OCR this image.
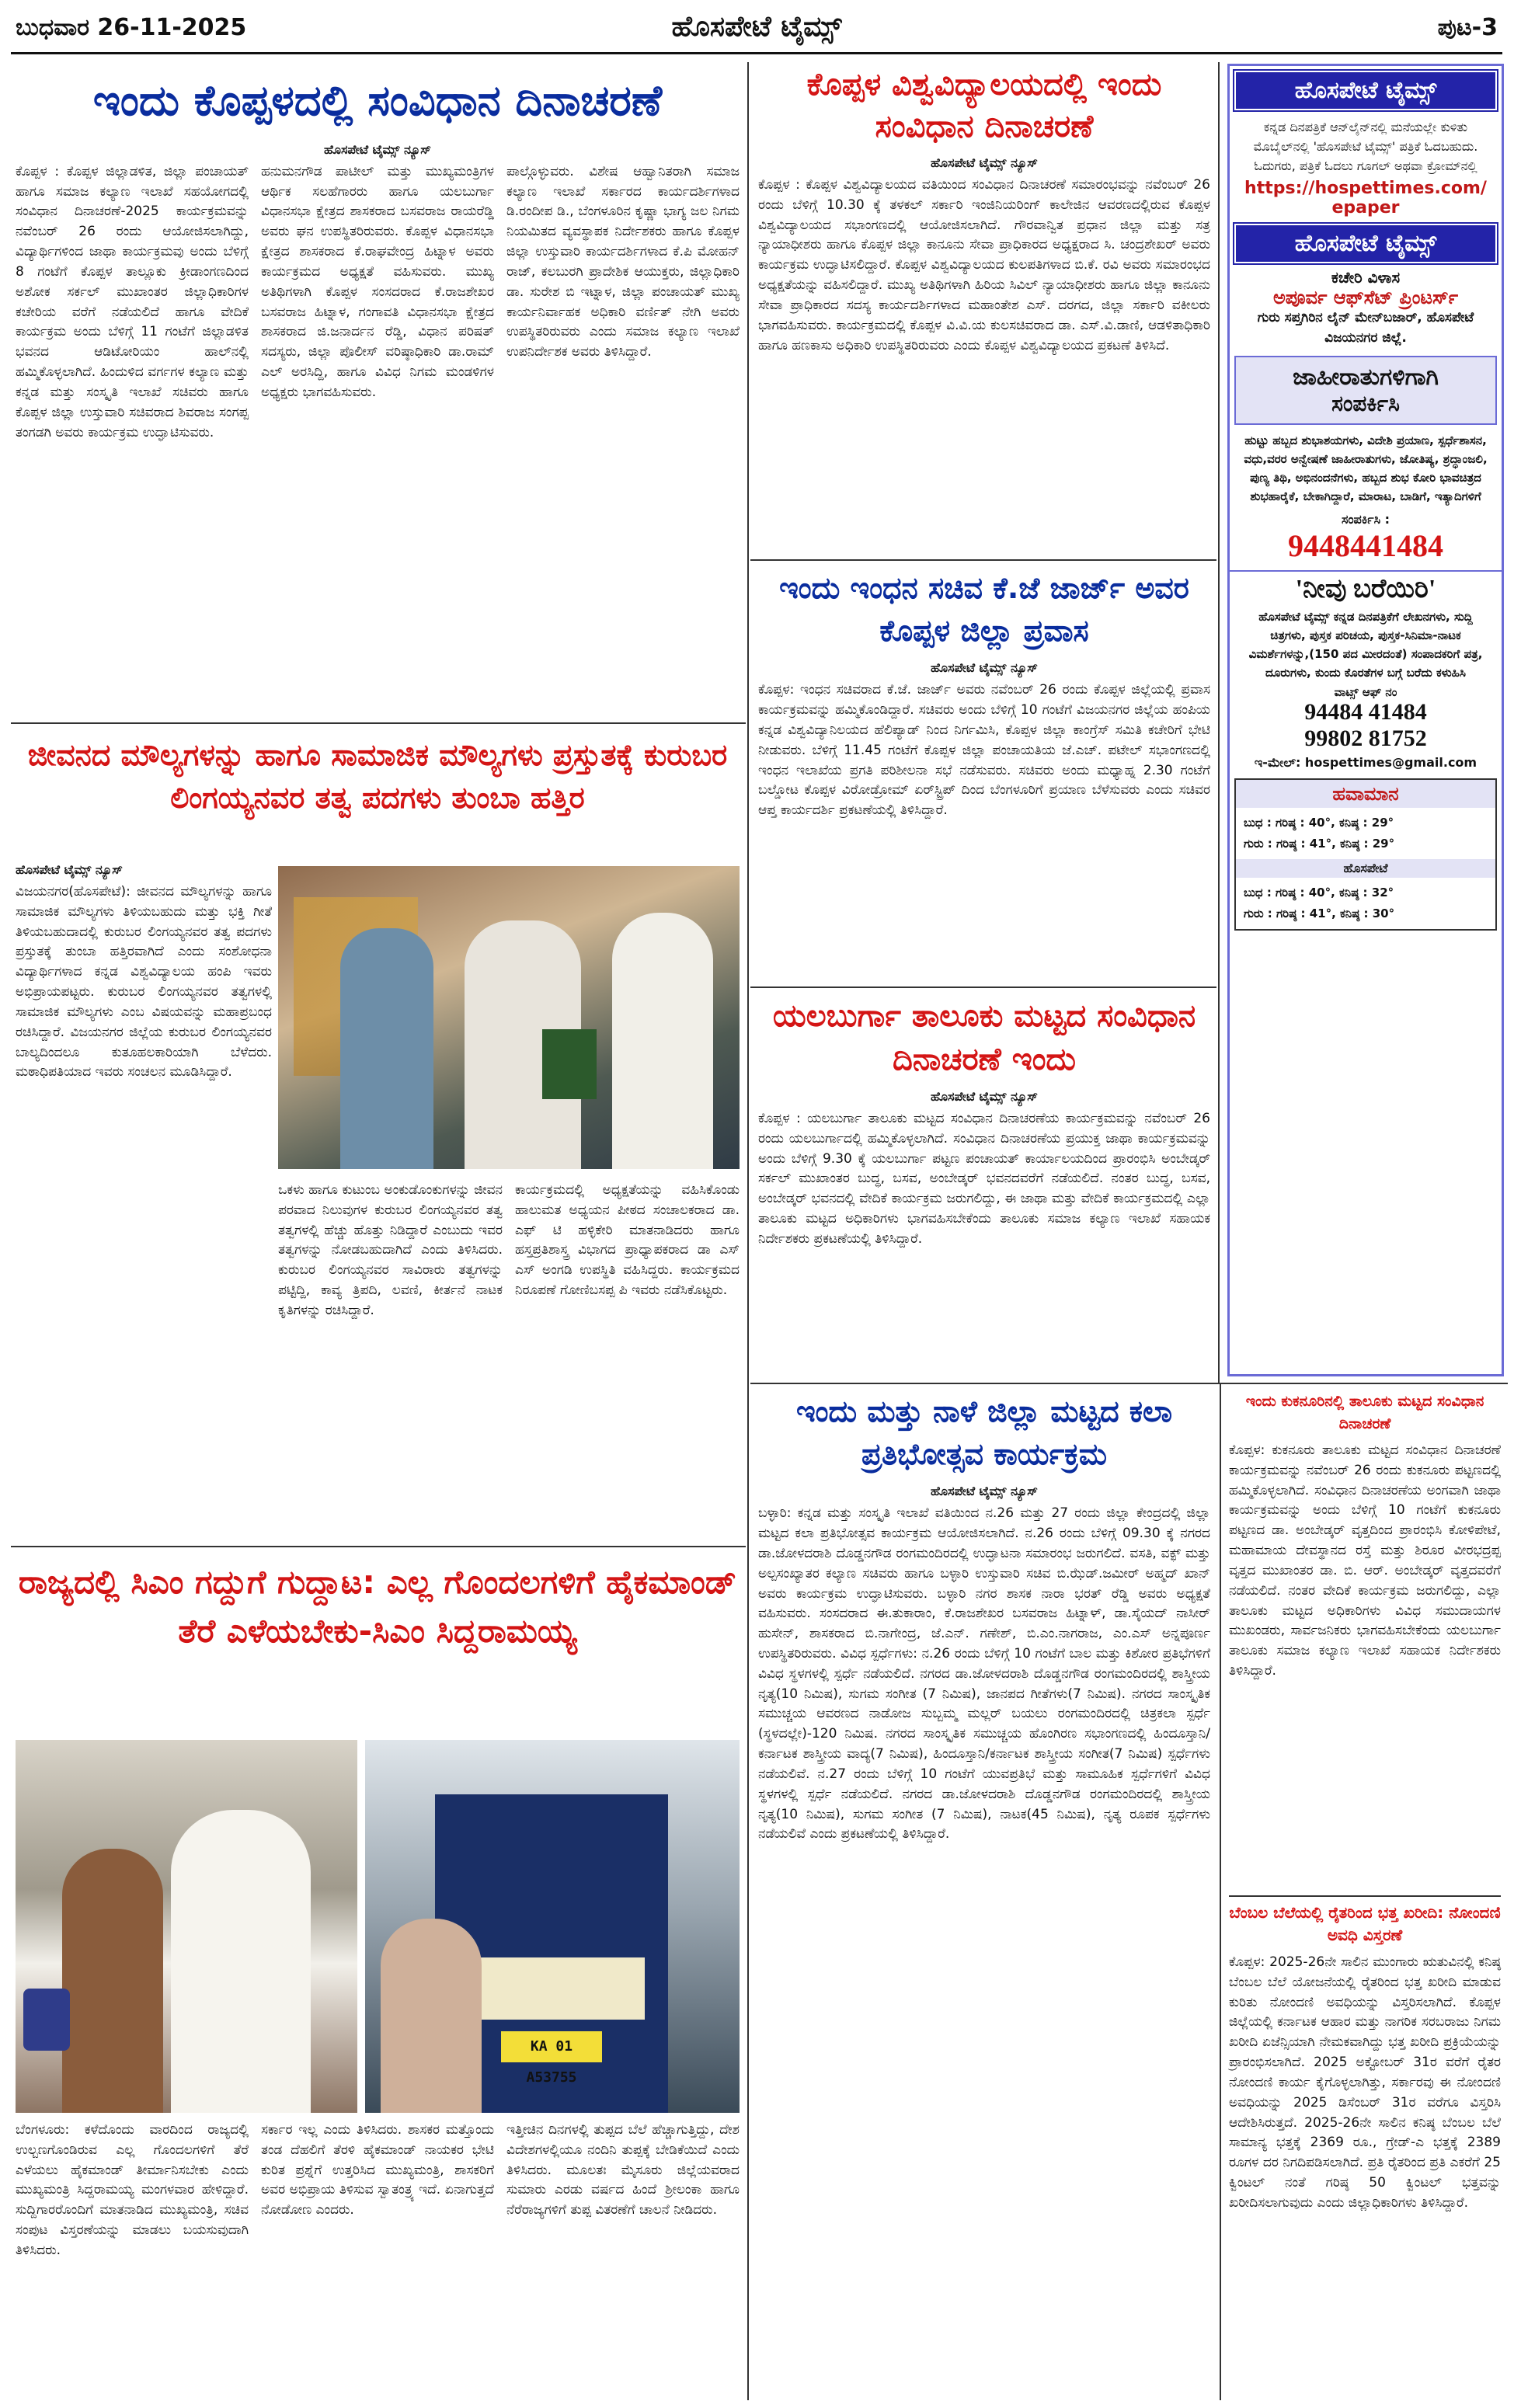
ಬುಧವಾರ 26-11-2025	ಹೊಸಪೇಟೆ ಟೈಮ್ಸ್	ಪುಟ-3
ಇಂದು ಕೊಪ್ಪಳದಲ್ಲಿ ಸಂವಿಧಾನ ದಿನಾಚರಣೆ
ಹೊಸಪೇಟೆ ಟೈಮ್ಸ್ ನ್ಯೂಸ್
ಕೊಪ್ಪಳ : ಕೊಪ್ಪಳ ಜಿಲ್ಲಾಡಳಿತ, ಜಿಲ್ಲಾ ಪಂಚಾಯತ್ ಹಾಗೂ ಸಮಾಜ ಕಲ್ಯಾಣ ಇಲಾಖೆ ಸಹಯೋಗದಲ್ಲಿ ಸಂವಿಧಾನ ದಿನಾಚರಣೆ-2025 ಕಾರ್ಯಕ್ರಮವನ್ನು ನವೆಂಬರ್ 26 ರಂದು ಆಯೋಜಿಸಲಾಗಿದ್ದು, ವಿದ್ಯಾರ್ಥಿಗಳಿಂದ ಜಾಥಾ ಕಾರ್ಯಕ್ರಮವು ಅಂದು ಬೆಳಿಗ್ಗೆ 8 ಗಂಟೆಗೆ ಕೊಪ್ಪಳ ತಾಲ್ಲೂಕು ಕ್ರೀಡಾಂಗಣದಿಂದ ಅಶೋಕ ಸರ್ಕಲ್ ಮುಖಾಂತರ ಜಿಲ್ಲಾಧಿಕಾರಿಗಳ ಕಚೇರಿಯ ವರೆಗೆ ನಡೆಯಲಿದೆ ಹಾಗೂ ವೇದಿಕೆ ಕಾರ್ಯಕ್ರಮ ಅಂದು ಬೆಳಿಗ್ಗೆ 11 ಗಂಟೆಗೆ ಜಿಲ್ಲಾಡಳಿತ ಭವನದ ಆಡಿಟೋರಿಯಂ ಹಾಲ್‌ನಲ್ಲಿ ಹಮ್ಮಿಕೊಳ್ಳಲಾಗಿದೆ. ಹಿಂದುಳಿದ ವರ್ಗಗಳ ಕಲ್ಯಾಣ ಮತ್ತು ಕನ್ನಡ ಮತ್ತು ಸಂಸ್ಕೃತಿ ಇಲಾಖೆ ಸಚಿವರು ಹಾಗೂ ಕೊಪ್ಪಳ ಜಿಲ್ಲಾ ಉಸ್ತುವಾರಿ ಸಚಿವರಾದ ಶಿವರಾಜ ಸಂಗಪ್ಪ ತಂಗಡಗಿ ಅವರು ಕಾರ್ಯಕ್ರಮ ಉದ್ಘಾಟಿಸುವರು.
ಹನುಮನಗೌಡ ಪಾಟೀಲ್ ಮತ್ತು ಮುಖ್ಯಮಂತ್ರಿಗಳ ಆರ್ಥಿಕ ಸಲಹೆಗಾರರು ಹಾಗೂ ಯಲಬುರ್ಗಾ ವಿಧಾನಸಭಾ ಕ್ಷೇತ್ರದ ಶಾಸಕರಾದ ಬಸವರಾಜ ರಾಯರೆಡ್ಡಿ ಅವರು ಘನ ಉಪಸ್ಥಿತರಿರುವರು. ಕೊಪ್ಪಳ ವಿಧಾನಸಭಾ ಕ್ಷೇತ್ರದ ಶಾಸಕರಾದ ಕೆ.ರಾಘವೇಂದ್ರ ಹಿಟ್ನಾಳ ಅವರು ಕಾರ್ಯಕ್ರಮದ ಅಧ್ಯಕ್ಷತೆ ವಹಿಸುವರು. ಮುಖ್ಯ ಅತಿಥಿಗಳಾಗಿ ಕೊಪ್ಪಳ ಸಂಸದರಾದ ಕೆ.ರಾಜಶೇಖರ ಬಸವರಾಜ ಹಿಟ್ನಾಳ, ಗಂಗಾವತಿ ವಿಧಾನಸಭಾ ಕ್ಷೇತ್ರದ ಶಾಸಕರಾದ ಜಿ.ಜನಾರ್ದನ ರೆಡ್ಡಿ, ವಿಧಾನ ಪರಿಷತ್ ಸದಸ್ಯರು, ಜಿಲ್ಲಾ ಪೊಲೀಸ್ ವರಿಷ್ಠಾಧಿಕಾರಿ ಡಾ.ರಾಮ್ ಎಲ್ ಅರಸಿದ್ದಿ, ಹಾಗೂ ವಿವಿಧ ನಿಗಮ ಮಂಡಳಿಗಳ ಅಧ್ಯಕ್ಷರು ಭಾಗವಹಿಸುವರು.
ಪಾಲ್ಗೊಳ್ಳುವರು. ವಿಶೇಷ ಆಹ್ವಾನಿತರಾಗಿ ಸಮಾಜ ಕಲ್ಯಾಣ ಇಲಾಖೆ ಸರ್ಕಾರದ ಕಾರ್ಯದರ್ಶಿಗಳಾದ ಡಿ.ರಂದೀಪ ಡಿ., ಬೆಂಗಳೂರಿನ ಕೃಷ್ಣಾ ಭಾಗ್ಯ ಜಲ ನಿಗಮ ನಿಯಮಿತದ ವ್ಯವಸ್ಥಾಪಕ ನಿರ್ದೇಶಕರು ಹಾಗೂ ಕೊಪ್ಪಳ ಜಿಲ್ಲಾ ಉಸ್ತುವಾರಿ ಕಾರ್ಯದರ್ಶಿಗಳಾದ ಕೆ.ಪಿ ಮೋಹನ್ ರಾಜ್, ಕಲಬುರಗಿ ಪ್ರಾದೇಶಿಕ ಆಯುಕ್ತರು, ಜಿಲ್ಲಾಧಿಕಾರಿ ಡಾ. ಸುರೇಶ ಬಿ ಇಟ್ನಾಳ, ಜಿಲ್ಲಾ ಪಂಚಾಯತ್ ಮುಖ್ಯ ಕಾರ್ಯನಿರ್ವಾಹಕ ಅಧಿಕಾರಿ ವರ್ಣಿತ್ ನೇಗಿ ಅವರು ಉಪಸ್ಥಿತರಿರುವರು ಎಂದು ಸಮಾಜ ಕಲ್ಯಾಣ ಇಲಾಖೆ ಉಪನಿರ್ದೇಶಕ ಅವರು ತಿಳಿಸಿದ್ದಾರೆ.
ಜೀವನದ ಮೌಲ್ಯಗಳನ್ನು ಹಾಗೂ ಸಾಮಾಜಿಕ ಮೌಲ್ಯಗಳು ಪ್ರಸ್ತುತಕ್ಕೆ ಕುರುಬರ ಲಿಂಗಯ್ಯನವರ ತತ್ವ ಪದಗಳು ತುಂಬಾ ಹತ್ತಿರ
ಹೊಸಪೇಟೆ ಟೈಮ್ಸ್ ನ್ಯೂಸ್
ವಿಜಯನಗರ(ಹೊಸಪೇಟೆ): ಜೀವನದ ಮೌಲ್ಯಗಳನ್ನು ಹಾಗೂ ಸಾಮಾಜಿಕ ಮೌಲ್ಯಗಳು ತಿಳಿಯಬಹುದು ಮತ್ತು ಭಕ್ತಿ ಗೀತೆ ತಿಳಿಯಬಹುದಾದಲ್ಲಿ ಕುರುಬರ ಲಿಂಗಯ್ಯನವರ ತತ್ವ ಪದಗಳು ಪ್ರಸ್ತುತಕ್ಕೆ ತುಂಬಾ ಹತ್ತಿರವಾಗಿದೆ ಎಂದು ಸಂಶೋಧನಾ ವಿದ್ಯಾರ್ಥಿಗಳಾದ ಕನ್ನಡ ವಿಶ್ವವಿದ್ಯಾಲಯ ಹಂಪಿ ಇವರು ಅಭಿಪ್ರಾಯಪಟ್ಟರು. ಕುರುಬರ ಲಿಂಗಯ್ಯನವರ ತತ್ವಗಳಲ್ಲಿ ಸಾಮಾಜಿಕ ಮೌಲ್ಯಗಳು ಎಂಬ ವಿಷಯವನ್ನು ಮಹಾಪ್ರಬಂಧ ರಚಿಸಿದ್ದಾರೆ. ವಿಜಯನಗರ ಜಿಲ್ಲೆಯ ಕುರುಬರ ಲಿಂಗಯ್ಯನವರ ಬಾಲ್ಯದಿಂದಲೂ ಕುತೂಹಲಕಾರಿಯಾಗಿ ಬೆಳೆದರು. ಮಠಾಧಿಪತಿಯಾದ ಇವರು ಸಂಚಲನ ಮೂಡಿಸಿದ್ದಾರೆ.
ಒಕಳು ಹಾಗೂ ಕುಟುಂಬ ಅಂಕುಡೊಂಕುಗಳನ್ನು ಜೀವನ ಪರವಾದ ನಿಲುವುಗಳ ಕುರುಬರ ಲಿಂಗಯ್ಯನವರ ತತ್ವ ತತ್ವಗಳಲ್ಲಿ ಹೆಚ್ಚು ಹೊತ್ತು ನಿಡಿದ್ದಾರೆ ಎಂಬುದು ಇವರ ತತ್ವಗಳನ್ನು ನೋಡಬಹುದಾಗಿದೆ ಎಂದು ತಿಳಿಸಿದರು. ಕುರುಬರ ಲಿಂಗಯ್ಯನವರ ಸಾವಿರಾರು ತತ್ವಗಳನ್ನು ಪಟ್ಟಿದ್ದಿ, ಕಾವ್ಯ ತ್ರಿಪದಿ, ಲವಣಿ, ಕೀರ್ತನೆ ನಾಟಕ ಕೃತಿಗಳನ್ನು ರಚಿಸಿದ್ದಾರೆ.
ಕಾರ್ಯಕ್ರಮದಲ್ಲಿ ಅಧ್ಯಕ್ಷತೆಯನ್ನು ವಹಿಸಿಕೊಂಡು ಹಾಲುಮತ ಅಧ್ಯಯನ ಪೀಠದ ಸಂಚಾಲಕರಾದ ಡಾ. ಎಫ್ ಟಿ ಹಳ್ಳಿಕೇರಿ ಮಾತನಾಡಿದರು ಹಾಗೂ ಹಸ್ತಪ್ರತಿಶಾಸ್ತ್ರ ವಿಭಾಗದ ಪ್ರಾಧ್ಯಾಪಕರಾದ ಡಾ ಎಸ್ ಎಸ್ ಅಂಗಡಿ ಉಪಸ್ಥಿತಿ ವಹಿಸಿದ್ದರು. ಕಾರ್ಯಕ್ರಮದ ನಿರೂಪಣೆ ಗೋಣಿಬಸಪ್ಪ ಪಿ ಇವರು ನಡೆಸಿಕೊಟ್ಟರು.
ರಾಜ್ಯದಲ್ಲಿ ಸಿಎಂ ಗದ್ದುಗೆ ಗುದ್ದಾಟ: ಎಲ್ಲ ಗೊಂದಲಗಳಿಗೆ ಹೈಕಮಾಂಡ್ ತೆರೆ ಎಳೆಯಬೇಕು-ಸಿಎಂ ಸಿದ್ದರಾಮಯ್ಯ
KA 01 A53755
ಬೆಂಗಳೂರು: ಕಳೆದೊಂದು ವಾರದಿಂದ ರಾಜ್ಯದಲ್ಲಿ ಉಲ್ಬಣಗೊಂಡಿರುವ ಎಲ್ಲ ಗೊಂದಲಗಳಿಗೆ ತೆರೆ ಎಳೆಯಲು ಹೈಕಮಾಂಡ್ ತೀರ್ಮಾನಿಸಬೇಕು ಎಂದು ಮುಖ್ಯಮಂತ್ರಿ ಸಿದ್ದರಾಮಯ್ಯ ಮಂಗಳವಾರ ಹೇಳಿದ್ದಾರೆ. ಸುದ್ದಿಗಾರರೊಂದಿಗೆ ಮಾತನಾಡಿದ ಮುಖ್ಯಮಂತ್ರಿ, ಸಚಿವ ಸಂಪುಟ ವಿಸ್ತರಣೆಯನ್ನು ಮಾಡಲು ಬಯಸುವುದಾಗಿ ತಿಳಿಸಿದರು.
ಸರ್ಕಾರ ಇಲ್ಲ ಎಂದು ತಿಳಿಸಿದರು. ಶಾಸಕರ ಮತ್ತೊಂದು ತಂಡ ದೆಹಲಿಗೆ ತೆರಳಿ ಹೈಕಮಾಂಡ್ ನಾಯಕರ ಭೇಟಿ ಕುರಿತ ಪ್ರಶ್ನೆಗೆ ಉತ್ತರಿಸಿದ ಮುಖ್ಯಮಂತ್ರಿ, ಶಾಸಕರಿಗೆ ಅವರ ಅಭಿಪ್ರಾಯ ತಿಳಿಸುವ ಸ್ವಾತಂತ್ರ್ಯ ಇದೆ. ಏನಾಗುತ್ತದೆ ನೋಡೋಣ ಎಂದರು.
ಇತ್ತೀಚಿನ ದಿನಗಳಲ್ಲಿ ತುಪ್ಪದ ಬೆಲೆ ಹೆಚ್ಚಾಗುತ್ತಿದ್ದು, ದೇಶ ವಿದೇಶಗಳಲ್ಲಿಯೂ ನಂದಿನಿ ತುಪ್ಪಕ್ಕೆ ಬೇಡಿಕೆಯಿದೆ ಎಂದು ತಿಳಿಸಿದರು. ಮೂಲತಃ ಮೈಸೂರು ಜಿಲ್ಲೆಯವರಾದ ಸುಮಾರು ಎರಡು ವರ್ಷದ ಹಿಂದೆ ಶ್ರೀಲಂಕಾ ಹಾಗೂ ನೆರೆರಾಜ್ಯಗಳಿಗೆ ತುಪ್ಪ ವಿತರಣೆಗೆ ಚಾಲನೆ ನೀಡಿದರು.
ಕೊಪ್ಪಳ ವಿಶ್ವವಿದ್ಯಾಲಯದಲ್ಲಿ ಇಂದು ಸಂವಿಧಾನ ದಿನಾಚರಣೆ
ಹೊಸಪೇಟೆ ಟೈಮ್ಸ್ ನ್ಯೂಸ್
ಕೊಪ್ಪಳ : ಕೊಪ್ಪಳ ವಿಶ್ವವಿದ್ಯಾಲಯದ ವತಿಯಿಂದ ಸಂವಿಧಾನ ದಿನಾಚರಣೆ ಸಮಾರಂಭವನ್ನು ನವೆಂಬರ್ 26 ರಂದು ಬೆಳಿಗ್ಗೆ 10.30 ಕ್ಕೆ ತಳಕಲ್ ಸರ್ಕಾರಿ ಇಂಜಿನಿಯರಿಂಗ್ ಕಾಲೇಜಿನ ಆವರಣದಲ್ಲಿರುವ ಕೊಪ್ಪಳ ವಿಶ್ವವಿದ್ಯಾಲಯದ ಸಭಾಂಗಣದಲ್ಲಿ ಆಯೋಜಿಸಲಾಗಿದೆ. ಗೌರವಾನ್ವಿತ ಪ್ರಧಾನ ಜಿಲ್ಲಾ ಮತ್ತು ಸತ್ರ ನ್ಯಾಯಾಧೀಶರು ಹಾಗೂ ಕೊಪ್ಪಳ ಜಿಲ್ಲಾ ಕಾನೂನು ಸೇವಾ ಪ್ರಾಧಿಕಾರದ ಅಧ್ಯಕ್ಷರಾದ ಸಿ. ಚಂದ್ರಶೇಖರ್ ಅವರು ಕಾರ್ಯಕ್ರಮ ಉದ್ಘಾಟಿಸಲಿದ್ದಾರೆ. ಕೊಪ್ಪಳ ವಿಶ್ವವಿದ್ಯಾಲಯದ ಕುಲಪತಿಗಳಾದ ಬಿ.ಕೆ. ರವಿ ಅವರು ಸಮಾರಂಭದ ಅಧ್ಯಕ್ಷತೆಯನ್ನು ವಹಿಸಲಿದ್ದಾರೆ. ಮುಖ್ಯ ಅತಿಥಿಗಳಾಗಿ ಹಿರಿಯ ಸಿವಿಲ್ ನ್ಯಾಯಾಧೀಶರು ಹಾಗೂ ಜಿಲ್ಲಾ ಕಾನೂನು ಸೇವಾ ಪ್ರಾಧಿಕಾರದ ಸದಸ್ಯ ಕಾರ್ಯದರ್ಶಿಗಳಾದ ಮಹಾಂತೇಶ ಎಸ್. ದರಗದ, ಜಿಲ್ಲಾ ಸರ್ಕಾರಿ ವಕೀಲರು ಭಾಗವಹಿಸುವರು. ಕಾರ್ಯಕ್ರಮದಲ್ಲಿ ಕೊಪ್ಪಳ ವಿ.ವಿ.ಯ ಕುಲಸಚಿವರಾದ ಡಾ. ಎಸ್.ವಿ.ಡಾಣಿ, ಆಡಳಿತಾಧಿಕಾರಿ ಹಾಗೂ ಹಣಕಾಸು ಅಧಿಕಾರಿ ಉಪಸ್ಥಿತರಿರುವರು ಎಂದು ಕೊಪ್ಪಳ ವಿಶ್ವವಿದ್ಯಾಲಯದ ಪ್ರಕಟಣೆ ತಿಳಿಸಿದೆ.
ಇಂದು ಇಂಧನ ಸಚಿವ ಕೆ.ಜೆ ಜಾರ್ಜ್ ಅವರ ಕೊಪ್ಪಳ ಜಿಲ್ಲಾ ಪ್ರವಾಸ
ಹೊಸಪೇಟೆ ಟೈಮ್ಸ್ ನ್ಯೂಸ್
ಕೊಪ್ಪಳ: ಇಂಧನ ಸಚಿವರಾದ ಕೆ.ಜೆ. ಜಾರ್ಜ್ ಅವರು ನವೆಂಬರ್ 26 ರಂದು ಕೊಪ್ಪಳ ಜಿಲ್ಲೆಯಲ್ಲಿ ಪ್ರವಾಸ ಕಾರ್ಯಕ್ರಮವನ್ನು ಹಮ್ಮಿಕೊಂಡಿದ್ದಾರೆ. ಸಚಿವರು ಅಂದು ಬೆಳಿಗ್ಗೆ 10 ಗಂಟೆಗೆ ವಿಜಯನಗರ ಜಿಲ್ಲೆಯ ಹಂಪಿಯ ಕನ್ನಡ ವಿಶ್ವವಿದ್ಯಾನಿಲಯದ ಹೆಲಿಪ್ಯಾಡ್ ನಿಂದ ನಿರ್ಗಮಿಸಿ, ಕೊಪ್ಪಳ ಜಿಲ್ಲಾ ಕಾಂಗ್ರೆಸ್ ಸಮಿತಿ ಕಚೇರಿಗೆ ಭೇಟಿ ನೀಡುವರು. ಬೆಳಿಗ್ಗೆ 11.45 ಗಂಟೆಗೆ ಕೊಪ್ಪಳ ಜಿಲ್ಲಾ ಪಂಚಾಯತಿಯ ಜೆ.ಎಚ್. ಪಟೇಲ್ ಸಭಾಂಗಣದಲ್ಲಿ ಇಂಧನ ಇಲಾಖೆಯ ಪ್ರಗತಿ ಪರಿಶೀಲನಾ ಸಭೆ ನಡೆಸುವರು. ಸಚಿವರು ಅಂದು ಮಧ್ಯಾಹ್ನ 2.30 ಗಂಟೆಗೆ ಬಲ್ಡೋಟ ಕೊಪ್ಪಳ ವಿರೋಡ್ರೋಮ್ ಏರ್‌ಸ್ಟ್ರಿಪ್ ದಿಂದ ಬೆಂಗಳೂರಿಗೆ ಪ್ರಯಾಣ ಬೆಳೆಸುವರು ಎಂದು ಸಚಿವರ ಆಪ್ತ ಕಾರ್ಯದರ್ಶಿ ಪ್ರಕಟಣೆಯಲ್ಲಿ ತಿಳಿಸಿದ್ದಾರೆ.
ಯಲಬುರ್ಗಾ ತಾಲೂಕು ಮಟ್ಟದ ಸಂವಿಧಾನ ದಿನಾಚರಣೆ ಇಂದು
ಹೊಸಪೇಟೆ ಟೈಮ್ಸ್ ನ್ಯೂಸ್
ಕೊಪ್ಪಳ : ಯಲಬುರ್ಗಾ ತಾಲೂಕು ಮಟ್ಟದ ಸಂವಿಧಾನ ದಿನಾಚರಣೆಯ ಕಾರ್ಯಕ್ರಮವನ್ನು ನವೆಂಬರ್ 26 ರಂದು ಯಲಬುರ್ಗಾದಲ್ಲಿ ಹಮ್ಮಿಕೊಳ್ಳಲಾಗಿದೆ. ಸಂವಿಧಾನ ದಿನಾಚರಣೆಯ ಪ್ರಯುಕ್ತ ಜಾಥಾ ಕಾರ್ಯಕ್ರಮವನ್ನು ಅಂದು ಬೆಳಿಗ್ಗೆ 9.30 ಕ್ಕೆ ಯಲಬುರ್ಗಾ ಪಟ್ಟಣ ಪಂಚಾಯತ್ ಕಾರ್ಯಾಲಯದಿಂದ ಪ್ರಾರಂಭಿಸಿ ಅಂಬೇಡ್ಕರ್ ಸರ್ಕಲ್ ಮುಖಾಂತರ ಬುದ್ಧ, ಬಸವ, ಅಂಬೇಡ್ಕರ್ ಭವನದವರೆಗೆ ನಡೆಯಲಿದೆ. ನಂತರ ಬುದ್ಧ, ಬಸವ, ಅಂಬೇಡ್ಕರ್ ಭವನದಲ್ಲಿ ವೇದಿಕೆ ಕಾರ್ಯಕ್ರಮ ಜರುಗಲಿದ್ದು, ಈ ಜಾಥಾ ಮತ್ತು ವೇದಿಕೆ ಕಾರ್ಯಕ್ರಮದಲ್ಲಿ ಎಲ್ಲಾ ತಾಲೂಕು ಮಟ್ಟದ ಅಧಿಕಾರಿಗಳು ಭಾಗವಹಿಸಬೇಕೆಂದು ತಾಲೂಕು ಸಮಾಜ ಕಲ್ಯಾಣ ಇಲಾಖೆ ಸಹಾಯಕ ನಿರ್ದೇಶಕರು ಪ್ರಕಟಣೆಯಲ್ಲಿ ತಿಳಿಸಿದ್ದಾರೆ.
ಇಂದು ಮತ್ತು ನಾಳೆ ಜಿಲ್ಲಾ ಮಟ್ಟದ ಕಲಾ ಪ್ರತಿಭೋತ್ಸವ ಕಾರ್ಯಕ್ರಮ
ಹೊಸಪೇಟೆ ಟೈಮ್ಸ್ ನ್ಯೂಸ್
ಬಳ್ಳಾರಿ: ಕನ್ನಡ ಮತ್ತು ಸಂಸ್ಕೃತಿ ಇಲಾಖೆ ವತಿಯಿಂದ ನ.26 ಮತ್ತು 27 ರಂದು ಜಿಲ್ಲಾ ಕೇಂದ್ರದಲ್ಲಿ ಜಿಲ್ಲಾ ಮಟ್ಟದ ಕಲಾ ಪ್ರತಿಭೋತ್ಸವ ಕಾರ್ಯಕ್ರಮ ಆಯೋಜಿಸಲಾಗಿದೆ. ನ.26 ರಂದು ಬೆಳಿಗ್ಗೆ 09.30 ಕ್ಕೆ ನಗರದ ಡಾ.ಜೋಳದರಾಶಿ ದೊಡ್ಡನಗೌಡ ರಂಗಮಂದಿರದಲ್ಲಿ ಉದ್ಘಾಟನಾ ಸಮಾರಂಭ ಜರುಗಲಿದೆ. ವಸತಿ, ವಕ್ಫ್ ಮತ್ತು ಅಲ್ಪಸಂಖ್ಯಾತರ ಕಲ್ಯಾಣ ಸಚಿವರು ಹಾಗೂ ಬಳ್ಳಾರಿ ಉಸ್ತುವಾರಿ ಸಚಿವ ಬಿ.ಝೆಡ್.ಜಮೀರ್ ಅಹ್ಮದ್ ಖಾನ್ ಅವರು ಕಾರ್ಯಕ್ರಮ ಉದ್ಘಾಟಿಸುವರು. ಬಳ್ಳಾರಿ ನಗರ ಶಾಸಕ ನಾರಾ ಭರತ್ ರೆಡ್ಡಿ ಅವರು ಅಧ್ಯಕ್ಷತೆ ವಹಿಸುವರು. ಸಂಸದರಾದ ಈ.ತುಕಾರಾಂ, ಕೆ.ರಾಜಶೇಖರ ಬಸವರಾಜ ಹಿಟ್ನಾಳ್, ಡಾ.ಸೈಯದ್ ನಾಸೀರ್ ಹುಸೇನ್, ಶಾಸಕರಾದ ಬಿ.ನಾಗೇಂದ್ರ, ಜೆ.ಎನ್. ಗಣೇಶ್, ಬಿ.ಎಂ.ನಾಗರಾಜ, ಎಂ.ಎಸ್ ಅನ್ನಪೂರ್ಣ ಉಪಸ್ಥಿತರಿರುವರು. ವಿವಿಧ ಸ್ಪರ್ಧೆಗಳು: ನ.26 ರಂದು ಬೆಳಿಗ್ಗೆ 10 ಗಂಟೆಗೆ ಬಾಲ ಮತ್ತು ಕಿಶೋರ ಪ್ರತಿಭೆಗಳಿಗೆ ವಿವಿಧ ಸ್ಥಳಗಳಲ್ಲಿ ಸ್ಪರ್ಧೆ ನಡೆಯಲಿದೆ. ನಗರದ ಡಾ.ಜೋಳದರಾಶಿ ದೊಡ್ಡನಗೌಡ ರಂಗಮಂದಿರದಲ್ಲಿ ಶಾಸ್ತ್ರೀಯ ನೃತ್ಯ(10 ನಿಮಿಷ), ಸುಗಮ ಸಂಗೀತ (7 ನಿಮಿಷ), ಜಾನಪದ ಗೀತೆಗಳು(7 ನಿಮಿಷ). ನಗರದ ಸಾಂಸ್ಕೃತಿಕ ಸಮುಚ್ಚಯ ಆವರಣದ ನಾಡೋಜ ಸುಬ್ಬಮ್ಮ ಮಲ್ಲರ್ ಬಯಲು ರಂಗಮಂದಿರದಲ್ಲಿ ಚಿತ್ರಕಲಾ ಸ್ಪರ್ಧೆ (ಸ್ಥಳದಲ್ಲೇ)-120 ನಿಮಿಷ. ನಗರದ ಸಾಂಸ್ಕೃತಿಕ ಸಮುಚ್ಚಯ ಹೊಂಗಿರಣ ಸಭಾಂಗಣದಲ್ಲಿ ಹಿಂದೂಸ್ತಾನಿ/ಕರ್ನಾಟಕ ಶಾಸ್ತ್ರೀಯ ವಾದ್ಯ(7 ನಿಮಿಷ), ಹಿಂದೂಸ್ತಾನಿ/ಕರ್ನಾಟಕ ಶಾಸ್ತ್ರೀಯ ಸಂಗೀತ(7 ನಿಮಿಷ) ಸ್ಪರ್ಧೆಗಳು ನಡೆಯಲಿವೆ. ನ.27 ರಂದು ಬೆಳಿಗ್ಗೆ 10 ಗಂಟೆಗೆ ಯುವಪ್ರತಿಭೆ ಮತ್ತು ಸಾಮೂಹಿಕ ಸ್ಪರ್ಧೆಗಳಿಗೆ ವಿವಿಧ ಸ್ಥಳಗಳಲ್ಲಿ ಸ್ಪರ್ಧೆ ನಡೆಯಲಿದೆ. ನಗರದ ಡಾ.ಜೋಳದರಾಶಿ ದೊಡ್ಡನಗೌಡ ರಂಗಮಂದಿರದಲ್ಲಿ ಶಾಸ್ತ್ರೀಯ ನೃತ್ಯ(10 ನಿಮಿಷ), ಸುಗಮ ಸಂಗೀತ (7 ನಿಮಿಷ), ನಾಟಕ(45 ನಿಮಿಷ), ನೃತ್ಯ ರೂಪಕ ಸ್ಪರ್ಧೆಗಳು ನಡೆಯಲಿವೆ ಎಂದು ಪ್ರಕಟಣೆಯಲ್ಲಿ ತಿಳಿಸಿದ್ದಾರೆ.
ಇಂದು ಕುಕನೂರಿನಲ್ಲಿ ತಾಲೂಕು ಮಟ್ಟದ ಸಂವಿಧಾನ ದಿನಾಚರಣೆ
ಕೊಪ್ಪಳ: ಕುಕನೂರು ತಾಲೂಕು ಮಟ್ಟದ ಸಂವಿಧಾನ ದಿನಾಚರಣೆ ಕಾರ್ಯಕ್ರಮವನ್ನು ನವೆಂಬರ್ 26 ರಂದು ಕುಕನೂರು ಪಟ್ಟಣದಲ್ಲಿ ಹಮ್ಮಿಕೊಳ್ಳಲಾಗಿದೆ. ಸಂವಿಧಾನ ದಿನಾಚರಣೆಯ ಅಂಗವಾಗಿ ಜಾಥಾ ಕಾರ್ಯಕ್ರಮವನ್ನು ಅಂದು ಬೆಳಿಗ್ಗೆ 10 ಗಂಟೆಗೆ ಕುಕನೂರು ಪಟ್ಟಣದ ಡಾ. ಅಂಬೇಡ್ಕರ್ ವೃತ್ತದಿಂದ ಪ್ರಾರಂಭಿಸಿ ಕೋಳಿಪೇಟೆ, ಮಹಾಮಾಯ ದೇವಸ್ಥಾನದ ರಸ್ತೆ ಮತ್ತು ಶಿರೂರ ವೀರಭದ್ರಪ್ಪ ವೃತ್ತದ ಮುಖಾಂತರ ಡಾ. ಬಿ. ಆರ್. ಅಂಬೇಡ್ಕರ್ ವೃತ್ತದವರೆಗೆ ನಡೆಯಲಿದೆ. ನಂತರ ವೇದಿಕೆ ಕಾರ್ಯಕ್ರಮ ಜರುಗಲಿದ್ದು, ಎಲ್ಲಾ ತಾಲೂಕು ಮಟ್ಟದ ಅಧಿಕಾರಿಗಳು ವಿವಿಧ ಸಮುದಾಯಗಳ ಮುಖಂಡರು, ಸಾರ್ವಜನಿಕರು ಭಾಗವಹಿಸಬೇಕೆಂದು ಯಲಬುರ್ಗಾ ತಾಲೂಕು ಸಮಾಜ ಕಲ್ಯಾಣ ಇಲಾಖೆ ಸಹಾಯಕ ನಿರ್ದೇಶಕರು ತಿಳಿಸಿದ್ದಾರೆ.
ಬೆಂಬಲ ಬೆಲೆಯಲ್ಲಿ ರೈತರಿಂದ ಭತ್ತ ಖರೀದಿ: ನೋಂದಣಿ ಅವಧಿ ವಿಸ್ತರಣೆ
ಕೊಪ್ಪಳ: 2025-26ನೇ ಸಾಲಿನ ಮುಂಗಾರು ಋತುವಿನಲ್ಲಿ ಕನಿಷ್ಠ ಬೆಂಬಲ ಬೆಲೆ ಯೋಜನೆಯಲ್ಲಿ ರೈತರಿಂದ ಭತ್ತ ಖರೀದಿ ಮಾಡುವ ಕುರಿತು ನೋಂದಣಿ ಅವಧಿಯನ್ನು ವಿಸ್ತರಿಸಲಾಗಿದೆ. ಕೊಪ್ಪಳ ಜಿಲ್ಲೆಯಲ್ಲಿ ಕರ್ನಾಟಕ ಆಹಾರ ಮತ್ತು ನಾಗರಿಕ ಸರಬರಾಜು ನಿಗಮ ಖರೀದಿ ಏಜೆನ್ಸಿಯಾಗಿ ನೇಮಕವಾಗಿದ್ದು ಭತ್ತ ಖರೀದಿ ಪ್ರಕ್ರಿಯೆಯನ್ನು ಪ್ರಾರಂಭಿಸಲಾಗಿದೆ. 2025 ಅಕ್ಟೋಬರ್ 31ರ ವರೆಗೆ ರೈತರ ನೋಂದಣಿ ಕಾರ್ಯ ಕೈಗೊಳ್ಳಲಾಗಿತ್ತು, ಸರ್ಕಾರವು ಈ ನೋಂದಣಿ ಅವಧಿಯನ್ನು 2025 ಡಿಸೆಂಬರ್ 31ರ ವರೆಗೂ ವಿಸ್ತರಿಸಿ ಆದೇಶಿಸಿರುತ್ತದೆ. 2025-26ನೇ ಸಾಲಿನ ಕನಿಷ್ಠ ಬೆಂಬಲ ಬೆಲೆ ಸಾಮಾನ್ಯ ಭತ್ತಕ್ಕೆ 2369 ರೂ., ಗ್ರೇಡ್-ಎ ಭತ್ತಕ್ಕೆ 2389 ರೂಗಳ ದರ ನಿಗದಿಪಡಿಸಲಾಗಿದೆ. ಪ್ರತಿ ರೈತರಿಂದ ಪ್ರತಿ ಎಕರೆಗೆ 25 ಕ್ವಿಂಟಲ್ ನಂತೆ ಗರಿಷ್ಠ 50 ಕ್ವಿಂಟಲ್ ಭತ್ತವನ್ನು ಖರೀದಿಸಲಾಗುವುದು ಎಂದು ಜಿಲ್ಲಾಧಿಕಾರಿಗಳು ತಿಳಿಸಿದ್ದಾರೆ.
ಹೊಸಪೇಟೆ ಟೈಮ್ಸ್
ಕನ್ನಡ ದಿನಪತ್ರಿಕೆ ಆನ್‌ಲೈನ್‌ನಲ್ಲಿ ಮನೆಯಲ್ಲೇ ಕುಳಿತು ಮೊಬೈಲ್‌ನಲ್ಲಿ 'ಹೊಸಪೇಟೆ ಟೈಮ್ಸ್' ಪತ್ರಿಕೆ ಓದಬಹುದು. ಓದುಗರು, ಪತ್ರಿಕೆ ಓದಲು ಗೂಗಲ್ ಅಥವಾ ಕ್ರೋಮ್‌ನಲ್ಲಿ
https://hospettimes.com/
epaper
ಹೊಸಪೇಟೆ ಟೈಮ್ಸ್
ಕಚೇರಿ ವಿಳಾಸ
ಅಪೂರ್ವ ಆಫ್‌ಸೆಟ್ ಪ್ರಿಂಟರ್ಸ್
ಗುರು ಸಪ್ತಗಿರಿನ ಲೈನ್ ಮೇನ್‌ಬಜಾರ್, ಹೊಸಪೇಟೆ ವಿಜಯನಗರ ಜಿಲ್ಲೆ.
ಜಾಹೀರಾತುಗಳಿಗಾಗಿ
ಸಂಪರ್ಕಿಸಿ
ಹುಟ್ಟು ಹಬ್ಬದ ಶುಭಾಶಯಗಳು, ವಿದೇಶಿ ಪ್ರಯಾಣ, ಸ್ಪರ್ಧೆಶಾಸನ, ವಧು,ವರರ ಅನ್ವೇಷಣೆ ಜಾಹೀರಾತುಗಳು, ಜೋತಿಷ್ಯ, ಶ್ರದ್ಧಾಂಜಲಿ, ಪುಣ್ಯ ತಿಥಿ, ಅಭಿನಂದನೆಗಳು, ಹಬ್ಬದ ಶುಭ ಕೋರಿ ಭಾವಚಿತ್ರದ ಶುಭಹಾರೈಕೆ, ಬೇಕಾಗಿದ್ದಾರೆ, ಮಾರಾಟ, ಬಾಡಿಗೆ, ಇತ್ಯಾದಿಗಳಿಗೆ
ಸಂಪರ್ಕಿಸಿ :
9448441484
'ನೀವು ಬರೆಯಿರಿ'
ಹೊಸಪೇಟೆ ಟೈಮ್ಸ್ ಕನ್ನಡ ದಿನಪತ್ರಿಕೆಗೆ ಲೇಖನಗಳು, ಸುದ್ದಿ ಚಿತ್ರಗಳು, ಪುಸ್ತಕ ಪರಿಚಯ, ಪುಸ್ತಕ-ಸಿನಿಮಾ-ನಾಟಕ ವಿಮರ್ಶೆಗಳನ್ನು,(150 ಪದ ಮೀರದಂತೆ) ಸಂಪಾದಕರಿಗೆ ಪತ್ರ, ದೂರುಗಳು, ಕುಂದು ಕೊರತೆಗಳ ಬಗ್ಗೆ ಬರೆದು ಕಳುಹಿಸಿ
ವಾಟ್ಸ್ ಆಫ್ ನಂ
94484 41484
99802 81752
ಇ-ಮೇಲ್: hospettimes@gmail.com
ಹವಾಮಾನ
ಬುಧ : ಗರಿಷ್ಠ : 40°, ಕನಿಷ್ಠ : 29°
ಗುರು : ಗರಿಷ್ಠ : 41°, ಕನಿಷ್ಠ : 29°
ಹೊಸಪೇಟೆ
ಬುಧ : ಗರಿಷ್ಠ : 40°, ಕನಿಷ್ಠ : 32°
ಗುರು : ಗರಿಷ್ಠ : 41°, ಕನಿಷ್ಠ : 30°
